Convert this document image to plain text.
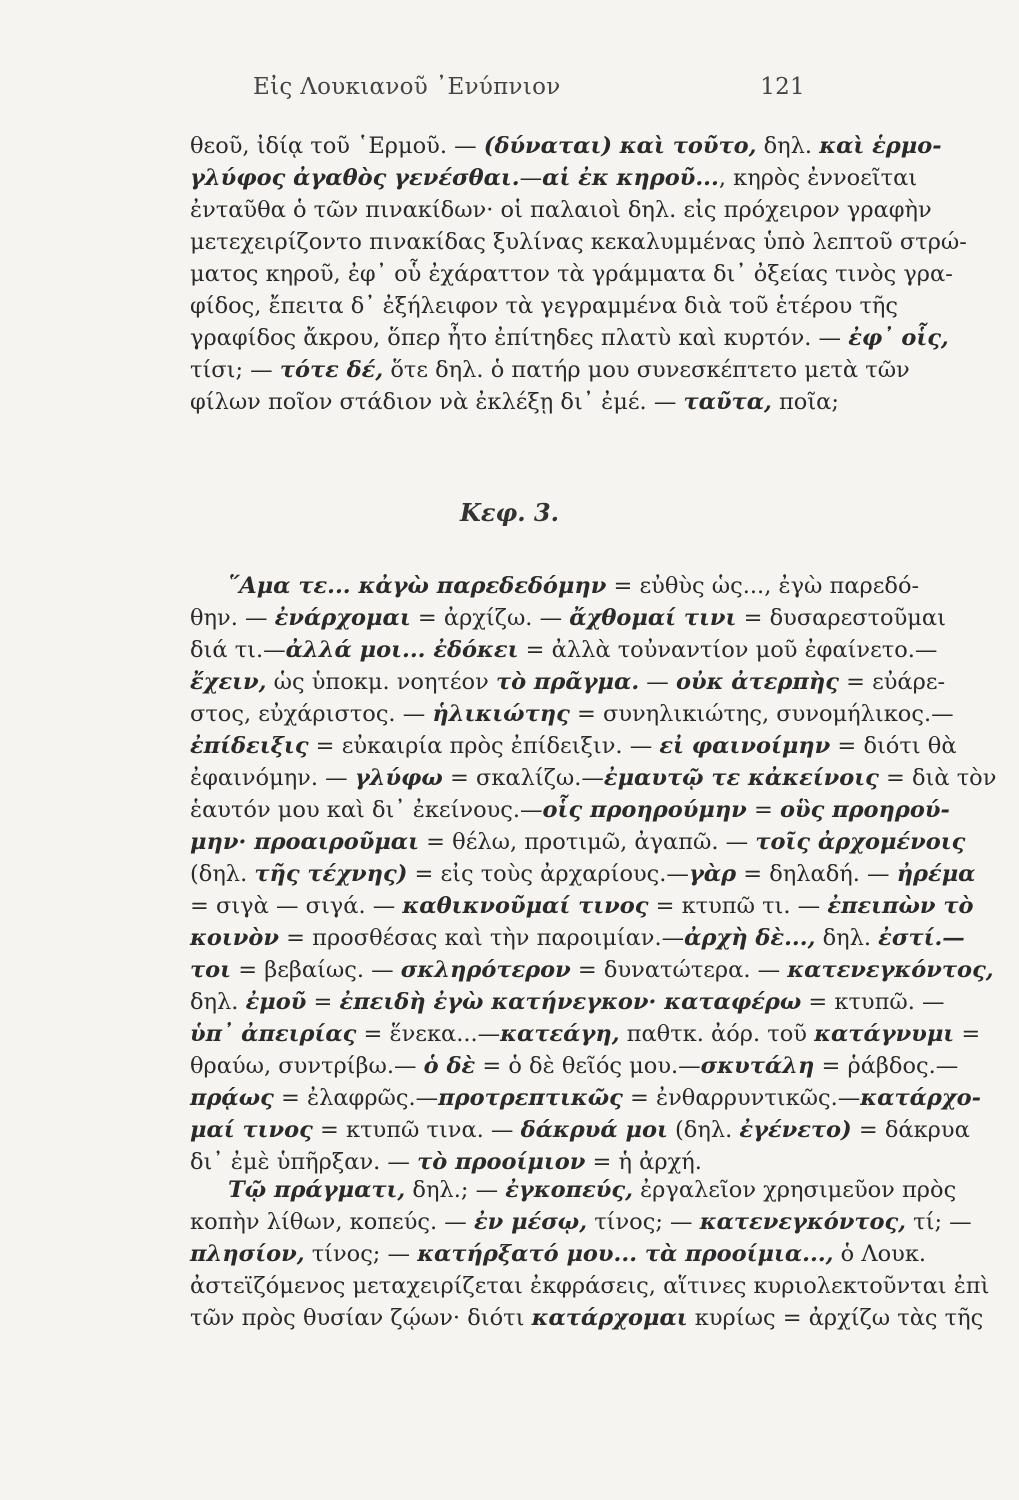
Εἰς Λουκιανοῦ ᾿Ενύπνιον	121
θεοῦ, ἰδίᾳ τοῦ ῾Ερμοῦ. — (δύναται) καὶ τοῦτο, δηλ. καὶ ἑρμο-
γλύφος ἀγαθὸς γενέσθαι.—αἱ ἐκ κηροῦ..., κηρὸς ἐννοεῖται
ἐνταῦθα ὁ τῶν πινακίδων· οἱ παλαιοὶ δηλ. εἰς πρόχειρον γραφὴν
μετεχειρίζοντο πινακίδας ξυλίνας κεκαλυμμένας ὑπὸ λεπτοῦ στρώ-
ματος κηροῦ, ἐφ᾿ οὗ ἐχάραττον τὰ γράμματα δι᾿ ὀξείας τινὸς γρα-
φίδος, ἔπειτα δ᾿ ἐξήλειφον τὰ γεγραμμένα διὰ τοῦ ἑτέρου τῆς
γραφίδος ἄκρου, ὅπερ ἦτο ἐπίτηδες πλατὺ καὶ κυρτόν. — ἐφ᾿ οἷς,
τίσι; — τότε δέ, ὅτε δηλ. ὁ πατήρ μου συνεσκέπτετο μετὰ τῶν
φίλων ποῖον στάδιον νὰ ἐκλέξῃ δι᾿ ἐμέ. — ταῦτα, ποῖα;
Κεφ. 3.
῞Αμα τε... κἀγὼ παρεδεδόμην = εὐθὺς ὡς..., ἐγὼ παρεδό-
θην. — ἐνάρχομαι = ἀρχίζω. — ἄχθομαί τινι = δυσαρεστοῦμαι
διά τι.—ἀλλά μοι... ἐδόκει = ἀλλὰ τοὐναντίον μοῦ ἐφαίνετο.—
ἔχειν, ὡς ὑποκμ. νοητέον τὸ πρᾶγμα. — οὐκ ἀτερπὴς = εὐάρε-
στος, εὐχάριστος. — ἡλικιώτης = συνηλικιώτης, συνομήλικος.—
ἐπίδειξις = εὐκαιρία πρὸς ἐπίδειξιν. — εἰ φαινοίμην = διότι θὰ
ἐφαινόμην. — γλύφω = σκαλίζω.—ἐμαυτῷ τε κἀκείνοις = διὰ τὸν
ἑαυτόν μου καὶ δι᾿ ἐκείνους.—οἷς προηρούμην = οὓς προηρού-
μην· προαιροῦμαι = θέλω, προτιμῶ, ἀγαπῶ. — τοῖς ἀρχομένοις
(δηλ. τῆς τέχνης) = εἰς τοὺς ἀρχαρίους.—γὰρ = δηλαδή. — ἠρέμα
= σιγὰ — σιγά. — καθικνοῦμαί τινος = κτυπῶ τι. — ἐπειπὼν τὸ
κοινὸν = προσθέσας καὶ τὴν παροιμίαν.—ἀρχὴ δὲ..., δηλ. ἐστί.—
τοι = βεβαίως. — σκληρότερον = δυνατώτερα. — κατενεγκόντος,
δηλ. ἐμοῦ = ἐπειδὴ ἐγὼ κατήνεγκον· καταφέρω = κτυπῶ. —
ὑπ᾿ ἀπειρίας = ἕνεκα...—κατεάγη, παθτκ. ἀόρ. τοῦ κατάγνυμι =
θραύω, συντρίβω.— ὁ δὲ = ὁ δὲ θεῖός μου.—σκυτάλη = ῥάβδος.—
πρᾴως = ἐλαφρῶς.—προτρεπτικῶς = ἐνθαρρυντικῶς.—κατάρχο-
μαί τινος = κτυπῶ τινα. — δάκρυά μοι (δηλ. ἐγένετο) = δάκρυα
δι᾿ ἐμὲ ὑπῆρξαν. — τὸ προοίμιον = ἡ ἀρχή.
Τῷ πράγματι, δηλ.; — ἐγκοπεύς, ἐργαλεῖον χρησιμεῦον πρὸς
κοπὴν λίθων, κοπεύς. — ἐν μέσῳ, τίνος; — κατενεγκόντος, τί; —
πλησίον, τίνος; — κατήρξατό μου... τὰ προοίμια..., ὁ Λουκ.
ἀστεϊζόμενος μεταχειρίζεται ἐκφράσεις, αἵτινες κυριολεκτοῦνται ἐπὶ
τῶν πρὸς θυσίαν ζῴων· διότι κατάρχομαι κυρίως = ἀρχίζω τὰς τῆς
